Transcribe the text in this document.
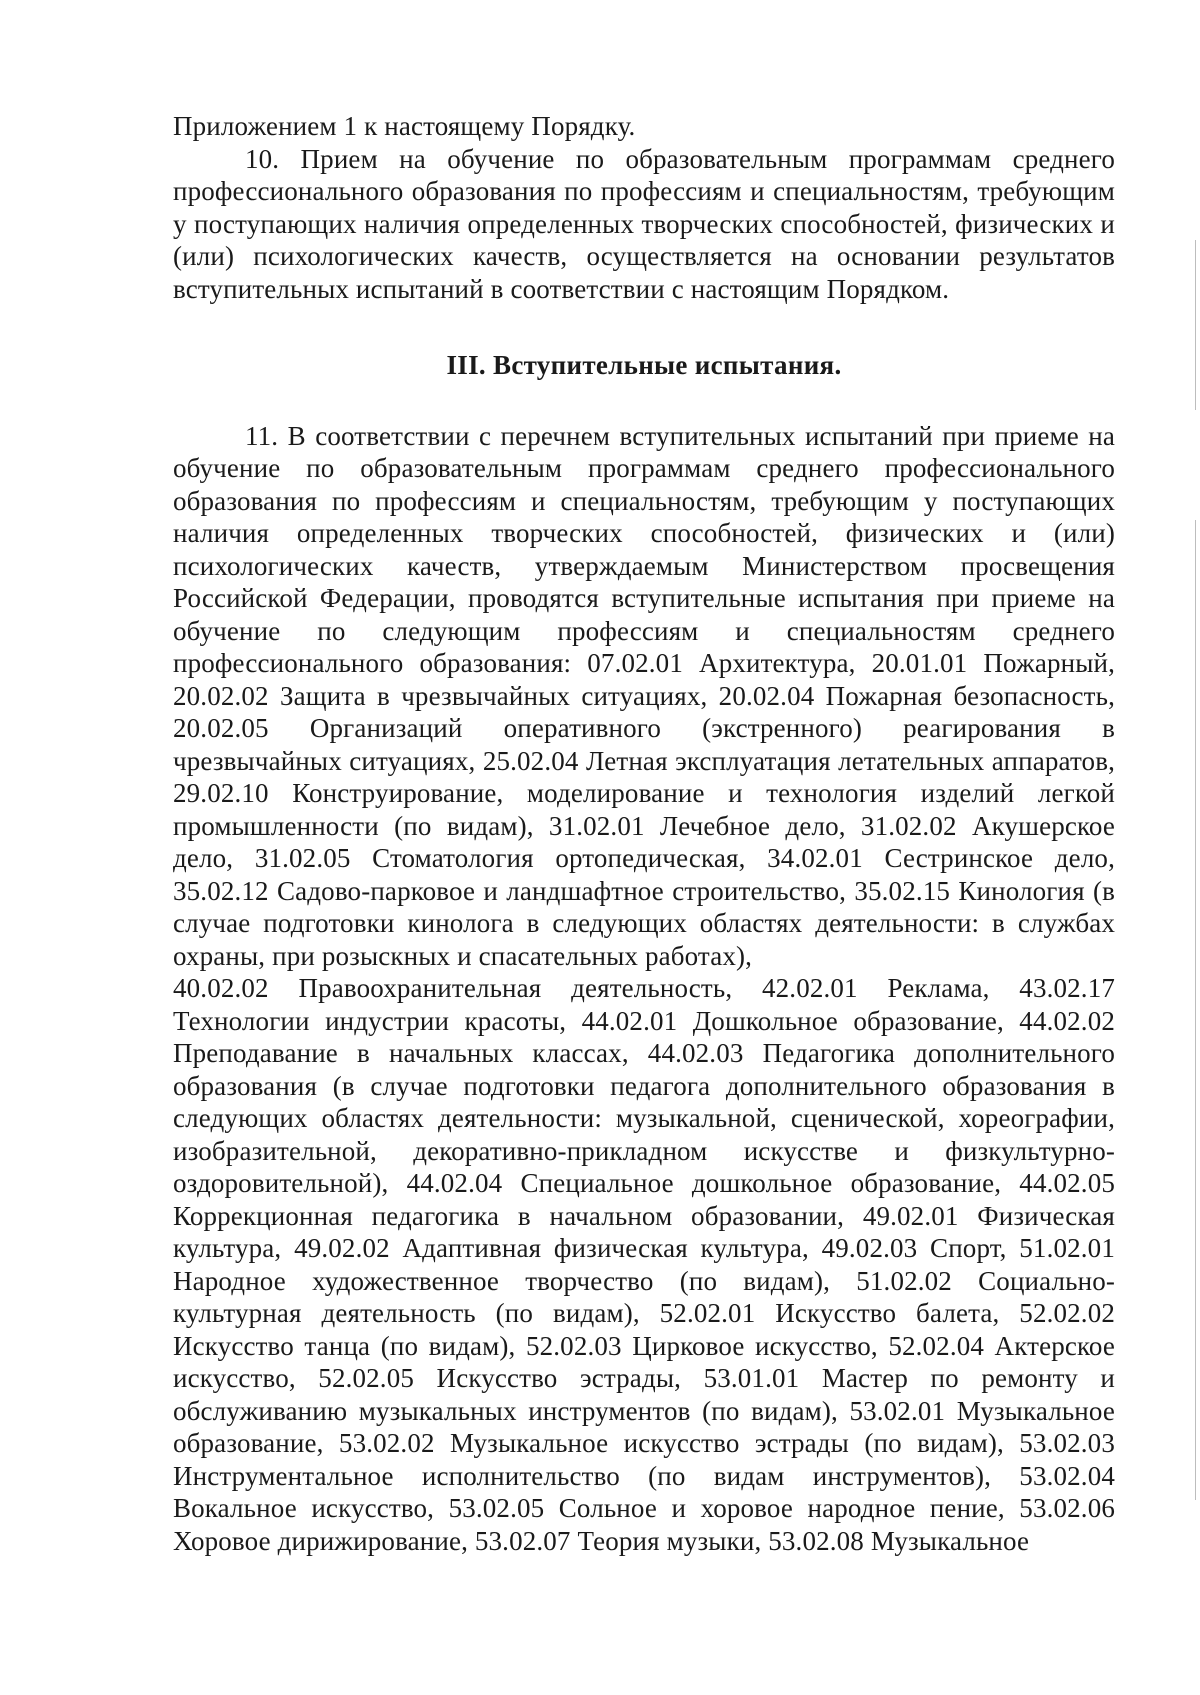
Приложением 1 к настоящему Порядку.

10. Прием на обучение по образовательным программам среднего профессионального образования по профессиям и специальностям, требующим у поступающих наличия определенных творческих способностей, физических и (или) психологических качеств, осуществляется на основании результатов вступительных испытаний в соответствии с настоящим Порядком.

III. Вступительные испытания.

11. В соответствии с перечнем вступительных испытаний при приеме на обучение по образовательным программам среднего профессионального образования по профессиям и специальностям, требующим у поступающих наличия определенных творческих способностей, физических и (или) психологических качеств, утверждаемым Министерством просвещения Российской Федерации, проводятся вступительные испытания при приеме на обучение по следующим профессиям и специальностям среднего профессионального образования: 07.02.01 Архитектура, 20.01.01 Пожарный, 20.02.02 Защита в чрезвычайных ситуациях, 20.02.04 Пожарная безопасность, 20.02.05 Организаций оперативного (экстренного) реагирования в чрезвычайных ситуациях, 25.02.04 Летная эксплуатация летательных аппаратов, 29.02.10 Конструирование, моделирование и технология изделий легкой промышленности (по видам), 31.02.01 Лечебное дело, 31.02.02 Акушерское дело, 31.02.05 Стоматология ортопедическая, 34.02.01 Сестринское дело, 35.02.12 Садово-парковое и ландшафтное строительство, 35.02.15 Кинология (в случае подготовки кинолога в следующих областях деятельности: в службах охраны, при розыскных и спасательных работах),

40.02.02 Правоохранительная деятельность, 42.02.01 Реклама, 43.02.17 Технологии индустрии красоты, 44.02.01 Дошкольное образование, 44.02.02 Преподавание в начальных классах, 44.02.03 Педагогика дополнительного образования (в случае подготовки педагога дополнительного образования в следующих областях деятельности: музыкальной, сценической, хореографии, изобразительной, декоративно-прикладном искусстве и физкультурно-оздоровительной), 44.02.04 Специальное дошкольное образование, 44.02.05 Коррекционная педагогика в начальном образовании, 49.02.01 Физическая культура, 49.02.02 Адаптивная физическая культура, 49.02.03 Спорт, 51.02.01 Народное художественное творчество (по видам), 51.02.02 Социально-культурная деятельность (по видам), 52.02.01 Искусство балета, 52.02.02 Искусство танца (по видам), 52.02.03 Цирковое искусство, 52.02.04 Актерское искусство, 52.02.05 Искусство эстрады, 53.01.01 Мастер по ремонту и обслуживанию музыкальных инструментов (по видам), 53.02.01 Музыкальное образование, 53.02.02 Музыкальное искусство эстрады (по видам), 53.02.03 Инструментальное исполнительство (по видам инструментов), 53.02.04 Вокальное искусство, 53.02.05 Сольное и хоровое народное пение, 53.02.06 Хоровое дирижирование, 53.02.07 Теория музыки, 53.02.08 Музыкальное
